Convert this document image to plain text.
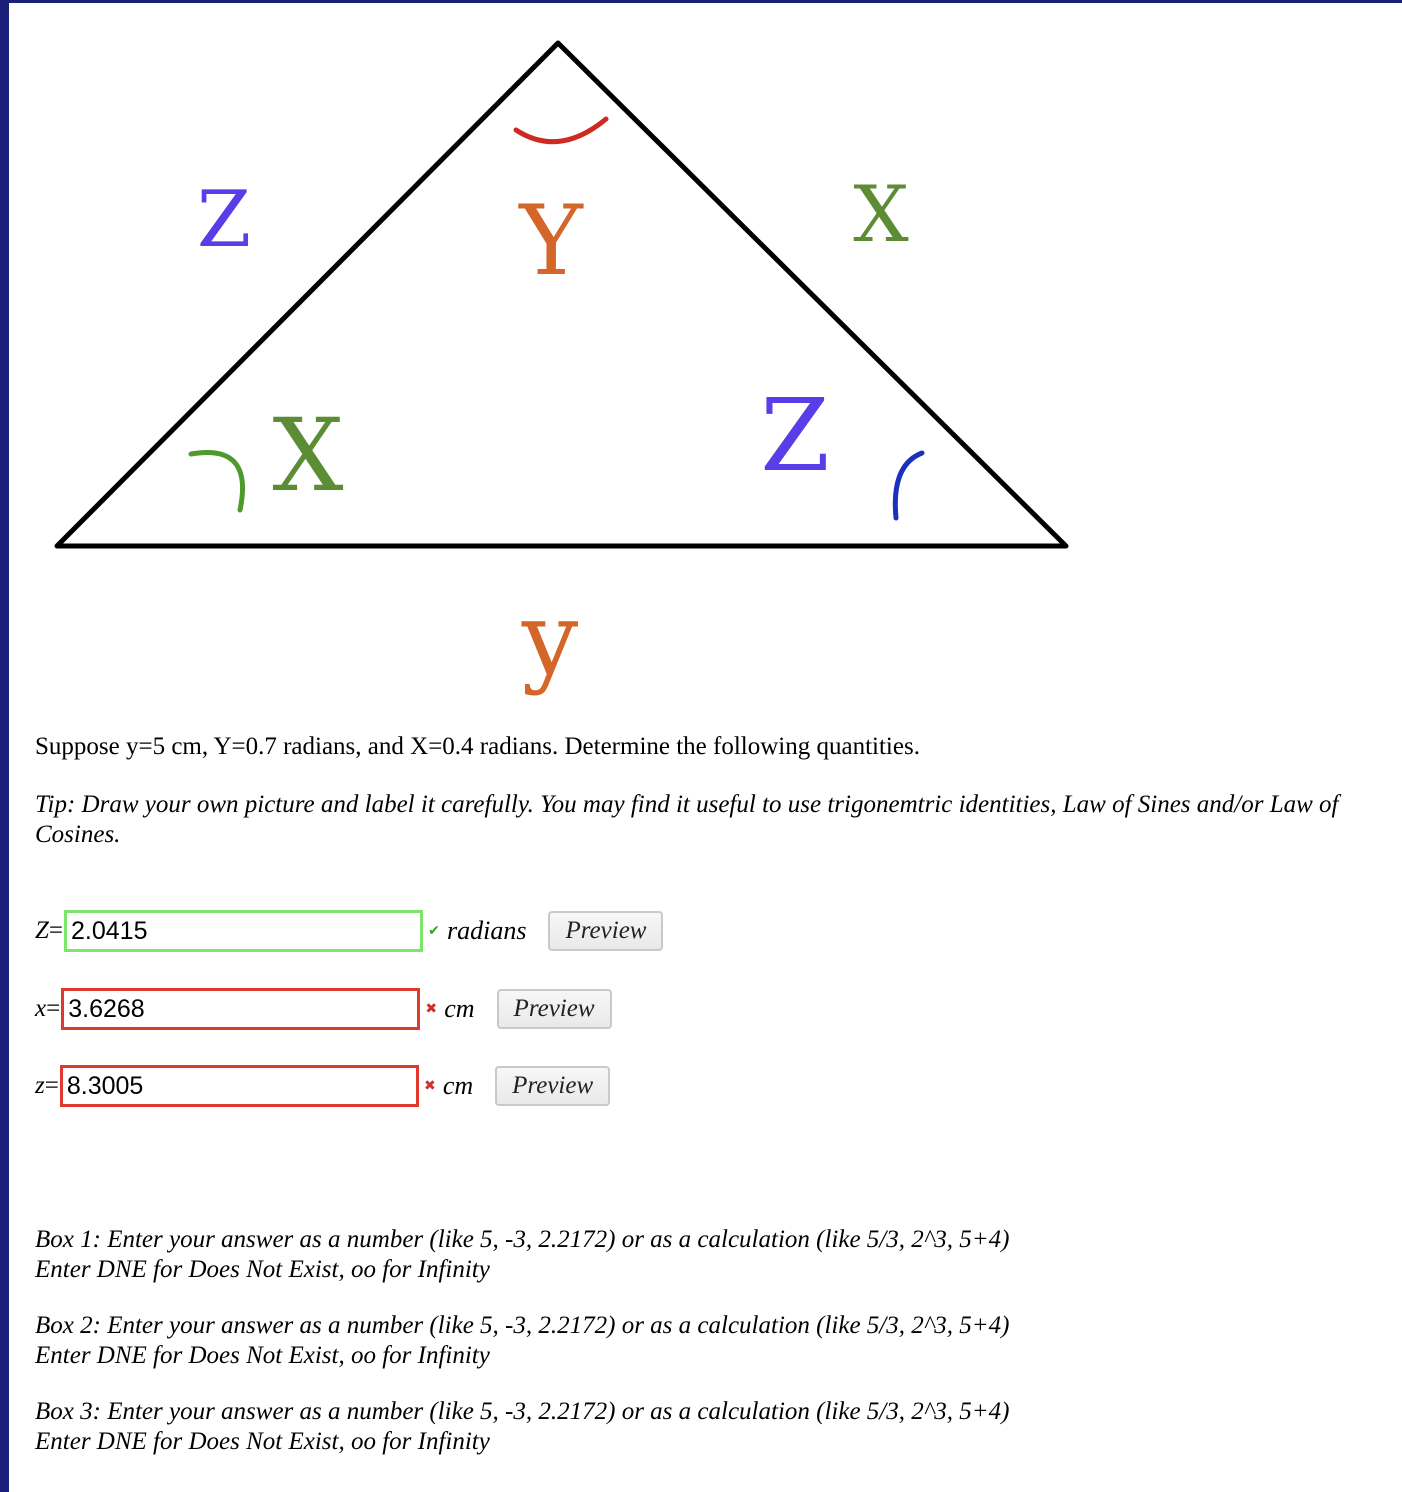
Z	Y	X
X	Z
y

Suppose y=5 cm, Y=0.7 radians, and X=0.4 radians. Determine the following quantities.

Tip: Draw your own picture and label it carefully. You may find it useful to use trigonemtric identities, Law of Sines and/or Law of Cosines.

Z=
2.0415	✔ radians	Preview
x=
3.6268	✖ cm	Preview
z=
8.3005	✖ cm	Preview
Box 1: Enter your answer as a number (like 5, -3, 2.2172) or as a calculation (like 5/3, 2^3, 5+4)
Enter DNE for Does Not Exist, oo for Infinity
Box 2: Enter your answer as a number (like 5, -3, 2.2172) or as a calculation (like 5/3, 2^3, 5+4)
Enter DNE for Does Not Exist, oo for Infinity
Box 3: Enter your answer as a number (like 5, -3, 2.2172) or as a calculation (like 5/3, 2^3, 5+4)
Enter DNE for Does Not Exist, oo for Infinity
